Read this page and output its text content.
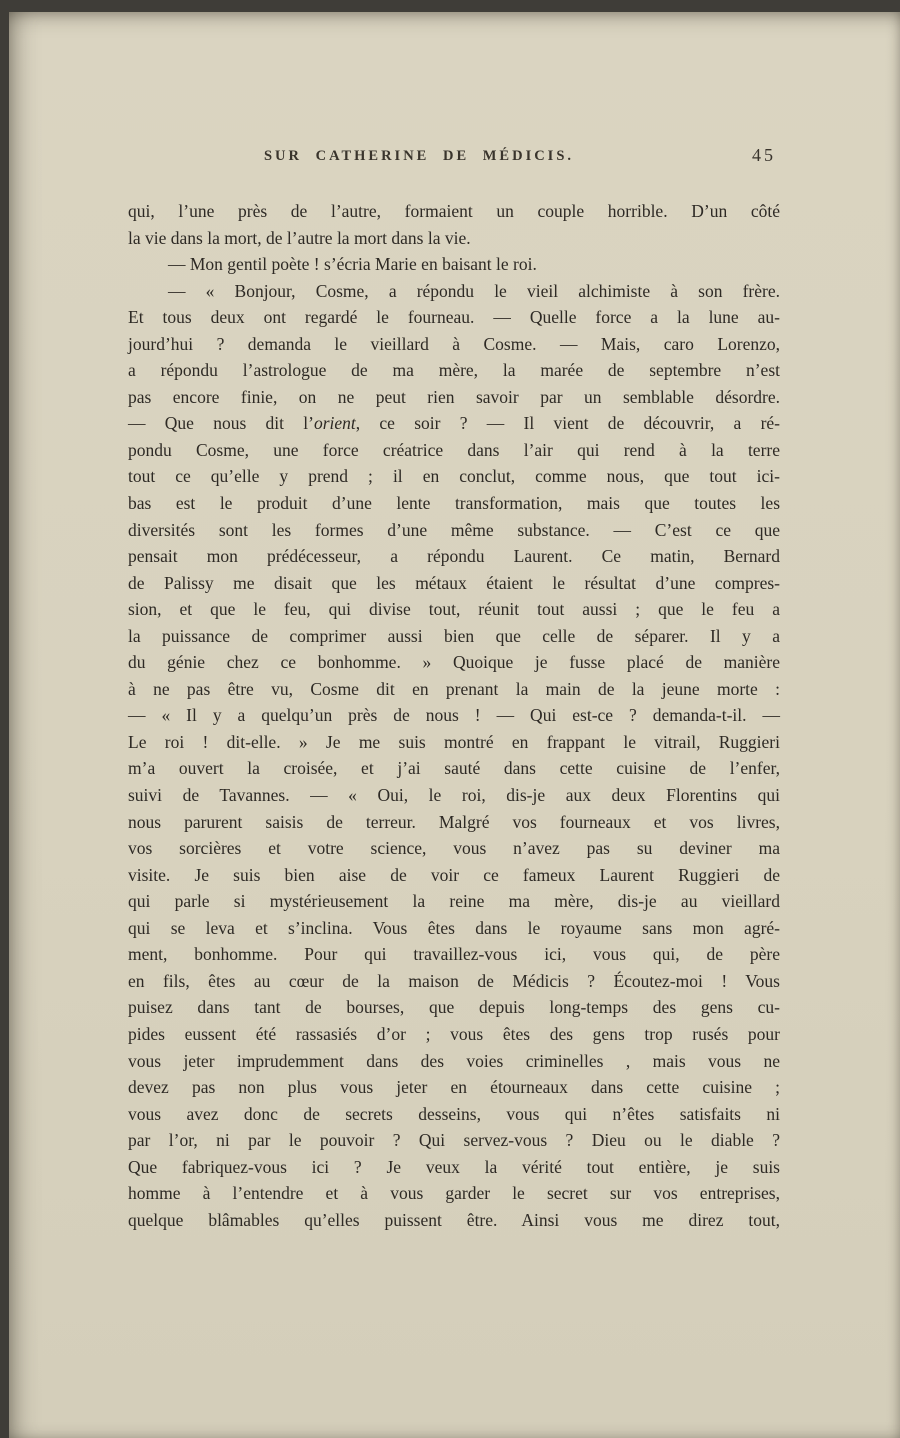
SUR CATHERINE DE MÉDICIS.	45
qui, l’une près de l’autre, formaient un couple horrible. D’un côté
la vie dans la mort, de l’autre la mort dans la vie.
— Mon gentil poète ! s’écria Marie en baisant le roi.
— « Bonjour, Cosme, a répondu le vieil alchimiste à son frère.
Et tous deux ont regardé le fourneau. — Quelle force a la lune au-
jourd’hui ? demanda le vieillard à Cosme. — Mais, caro Lorenzo,
a répondu l’astrologue de ma mère, la marée de septembre n’est
pas encore finie, on ne peut rien savoir par un semblable désordre.
— Que nous dit l’orient, ce soir ? — Il vient de découvrir, a ré-
pondu Cosme, une force créatrice dans l’air qui rend à la terre
tout ce qu’elle y prend ; il en conclut, comme nous, que tout ici-
bas est le produit d’une lente transformation, mais que toutes les
diversités sont les formes d’une même substance. — C’est ce que
pensait mon prédécesseur, a répondu Laurent. Ce matin, Bernard
de Palissy me disait que les métaux étaient le résultat d’une compres-
sion, et que le feu, qui divise tout, réunit tout aussi ; que le feu a
la puissance de comprimer aussi bien que celle de séparer. Il y a
du génie chez ce bonhomme. » Quoique je fusse placé de manière
à ne pas être vu, Cosme dit en prenant la main de la jeune morte :
— « Il y a quelqu’un près de nous ! — Qui est-ce ? demanda-t-il. —
Le roi ! dit-elle. » Je me suis montré en frappant le vitrail, Ruggieri
m’a ouvert la croisée, et j’ai sauté dans cette cuisine de l’enfer,
suivi de Tavannes. — « Oui, le roi, dis-je aux deux Florentins qui
nous parurent saisis de terreur. Malgré vos fourneaux et vos livres,
vos sorcières et votre science, vous n’avez pas su deviner ma
visite. Je suis bien aise de voir ce fameux Laurent Ruggieri de
qui parle si mystérieusement la reine ma mère, dis-je au vieillard
qui se leva et s’inclina. Vous êtes dans le royaume sans mon agré-
ment, bonhomme. Pour qui travaillez-vous ici, vous qui, de père
en fils, êtes au cœur de la maison de Médicis ? Écoutez-moi ! Vous
puisez dans tant de bourses, que depuis long-temps des gens cu-
pides eussent été rassasiés d’or ; vous êtes des gens trop rusés pour
vous jeter imprudemment dans des voies criminelles , mais vous ne
devez pas non plus vous jeter en étourneaux dans cette cuisine ;
vous avez donc de secrets desseins, vous qui n’êtes satisfaits ni
par l’or, ni par le pouvoir ? Qui servez-vous ? Dieu ou le diable ?
Que fabriquez-vous ici ? Je veux la vérité tout entière, je suis
homme à l’entendre et à vous garder le secret sur vos entreprises,
quelque blâmables qu’elles puissent être. Ainsi vous me direz tout,
